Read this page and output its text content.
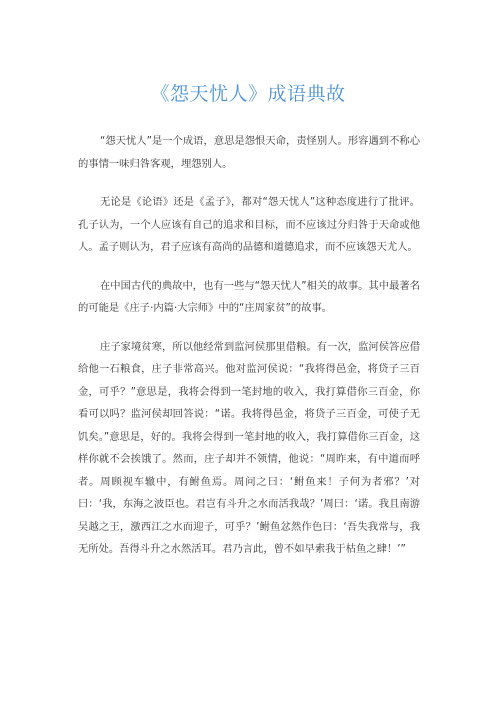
《怨天忧人》成语典故

“怨天忧人”是一个成语，意思是怨恨天命，责怪别人。形容遇到不称心的事情一味归咎客观，埋怨别人。

无论是《论语》还是《孟子》，都对“怨天忧人”这种态度进行了批评。孔子认为，一个人应该有自己的追求和目标，而不应该过分归咎于天命或他人。孟子则认为，君子应该有高尚的品德和道德追求，而不应该怨天尤人。

在中国古代的典故中，也有一些与“怨天忧人”相关的故事。其中最著名的可能是《庄子·内篇·大宗师》中的“庄周家贫”的故事。

庄子家境贫寒，所以他经常到监河侯那里借粮。有一次，监河侯答应借给他一石粮食，庄子非常高兴。他对监河侯说：“我将得邑金，将贷子三百金，可乎？”意思是，我将会得到一笔封地的收入，我打算借你三百金，你看可以吗？监河侯却回答说：“诺。我将得邑金，将贷子三百金，可使子无饥矣。”意思是，好的。我将会得到一笔封地的收入，我打算借你三百金，这样你就不会挨饿了。然而，庄子却并不领情，他说：“周昨来，有中道而呼者。周顾视车辙中，有鲋鱼焉。周问之曰：‘鲋鱼来！子何为者邪？’对曰：‘我，东海之波臣也。君岂有斗升之水而活我哉？’周曰：‘诺。我且南游吴越之王，激西江之水而迎子，可乎？’鲋鱼忿然作色曰：‘吾失我常与，我无所处。吾得斗升之水然活耳。君乃言此，曾不如早索我于枯鱼之肆！’”
